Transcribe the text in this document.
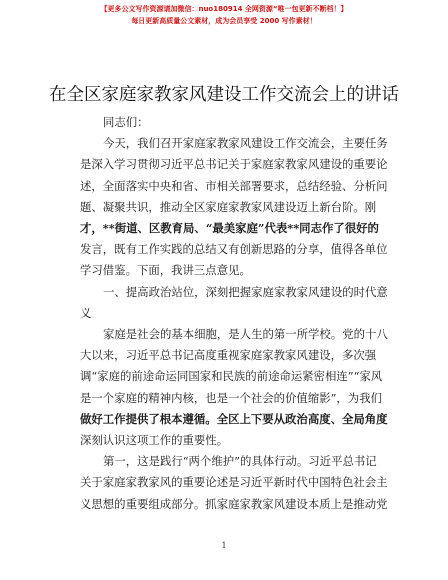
【更多公文写作资源请加微信：nuo180914 全网资源“唯一包更新不断档！】
每日更新高质量公文素材，成为会员享受 2000 写作素材！
在全区家庭家教家风建设工作交流会上的讲话
同志们：
今天，我们召开家庭家教家风建设工作交流会，主要任务
是深入学习贯彻习近平总书记关于家庭家教家风建设的重要论
述，全面落实中央和省、市相关部署要求，总结经验、分析问
题、凝聚共识，推动全区家庭家教家风建设迈上新台阶。刚
才，**街道、区教育局、“最美家庭”代表**同志作了很好的
发言，既有工作实践的总结又有创新思路的分享，值得各单位
学习借鉴。下面，我讲三点意见。
一、提高政治站位，深刻把握家庭家教家风建设的时代意
义
家庭是社会的基本细胞，是人生的第一所学校。党的十八
大以来，习近平总书记高度重视家庭家教家风建设，多次强
调“家庭的前途命运同国家和民族的前途命运紧密相连”“家风
是一个家庭的精神内核，也是一个社会的价值缩影”，为我们
做好工作提供了根本遵循。全区上下要从政治高度、全局角度
深刻认识这项工作的重要性。
第一，这是践行“两个维护”的具体行动。习近平总书记
关于家庭家教家风的重要论述是习近平新时代中国特色社会主
义思想的重要组成部分。抓家庭家教家风建设本质上是推动党
1
